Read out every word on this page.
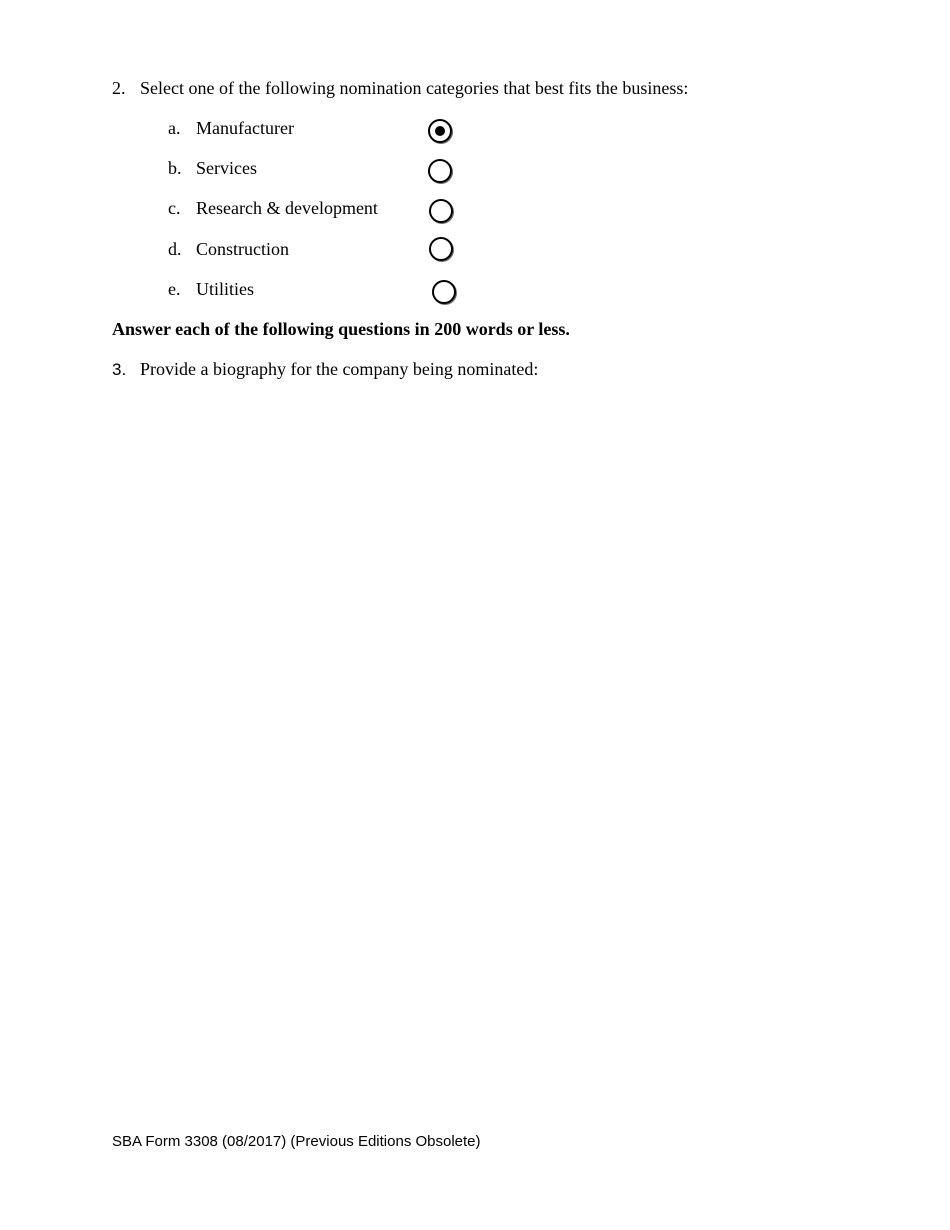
2. Select one of the following nomination categories that best fits the business:
a. Manufacturer
b. Services
c. Research & development
d. Construction
e. Utilities
Answer each of the following questions in 200 words or less.
3. Provide a biography for the company being nominated:
SBA Form 3308 (08/2017) (Previous Editions Obsolete)
